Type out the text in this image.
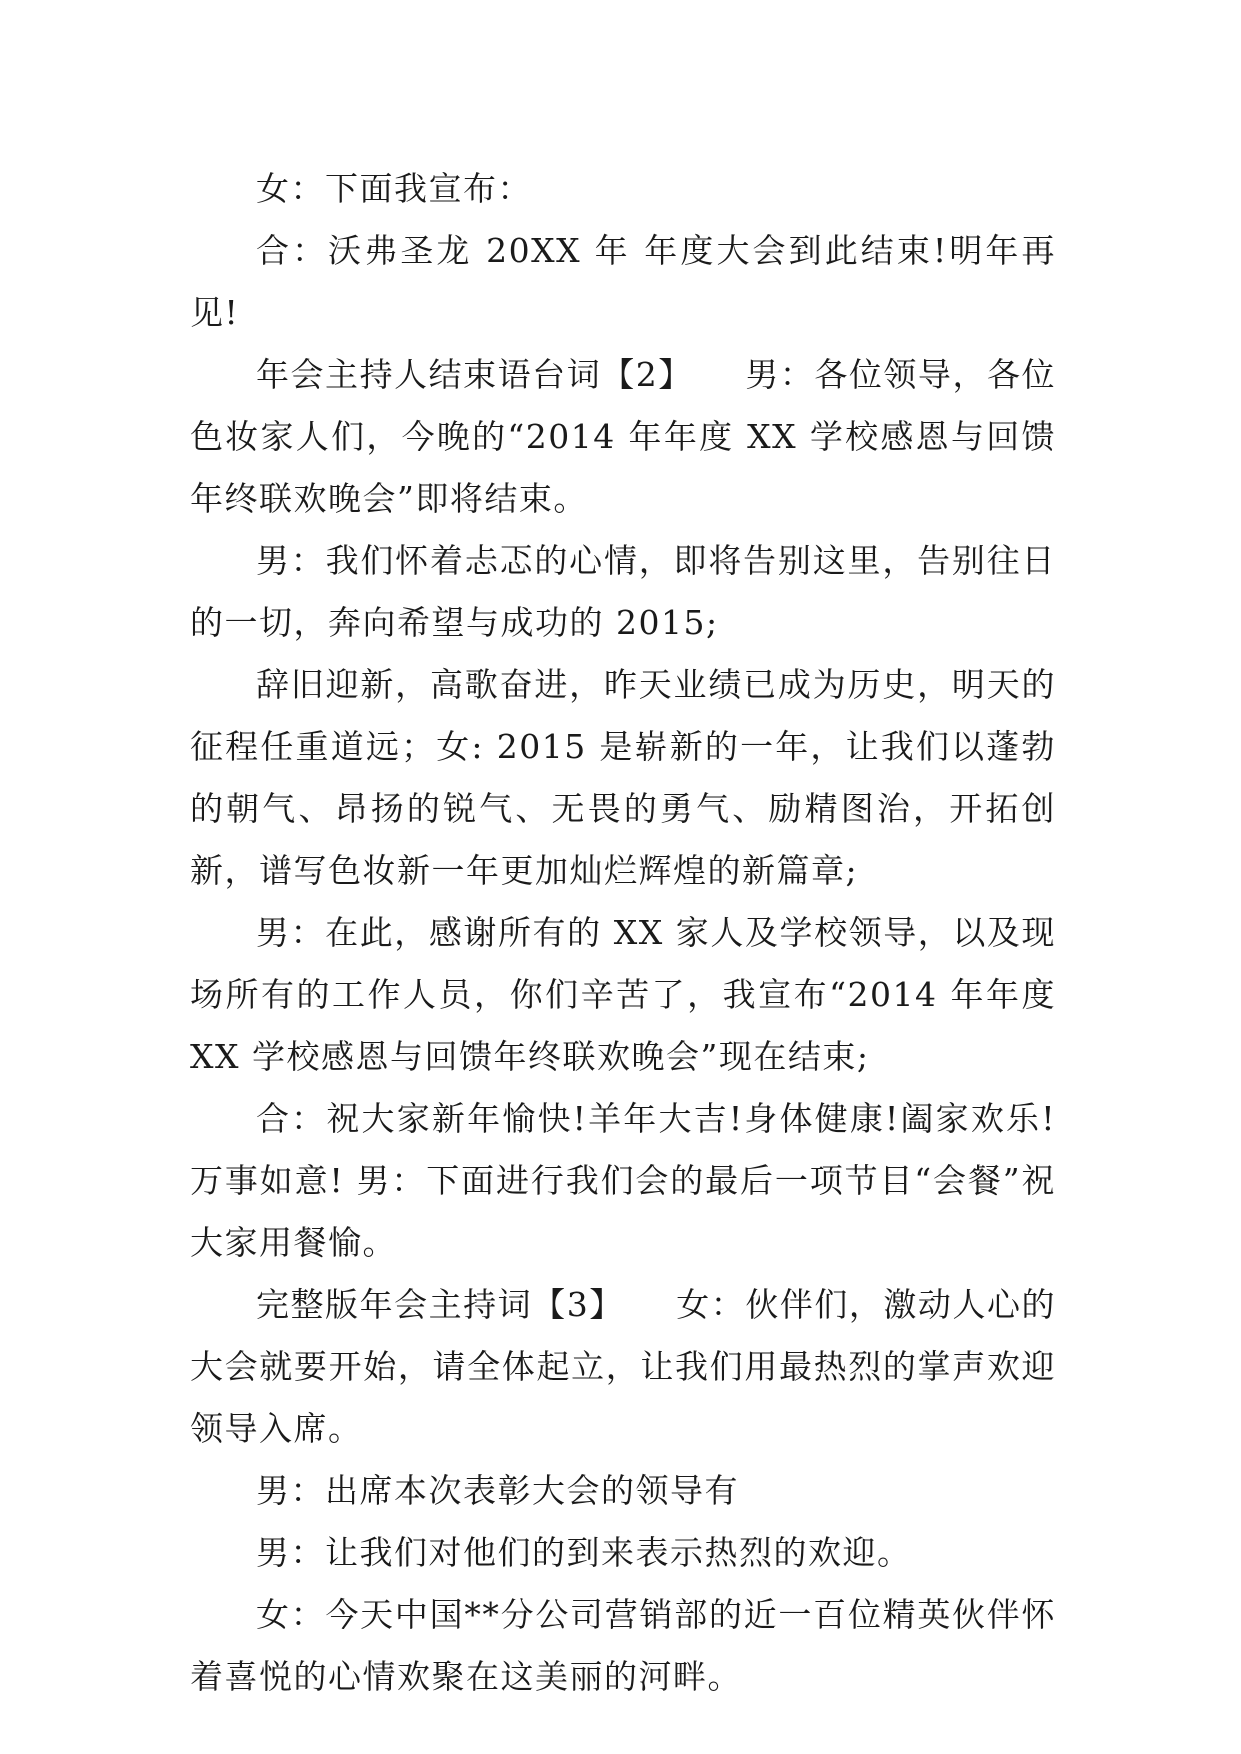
女：下面我宣布：

合：沃弗圣龙 20XX 年 年度大会到此结束!明年再见!

年会主持人结束语台词【2】　　男：各位领导，各位色妆家人们，今晚的“2014 年年度 XX 学校感恩与回馈年终联欢晚会”即将结束。

男：我们怀着忐忑的心情，即将告别这里，告别往日的一切，奔向希望与成功的 2015;

辞旧迎新，高歌奋进，昨天业绩已成为历史，明天的征程任重道远；女: 2015 是崭新的一年，让我们以蓬勃的朝气、昂扬的锐气、无畏的勇气、励精图治，开拓创新，谱写色妆新一年更加灿烂辉煌的新篇章;

男：在此，感谢所有的 XX 家人及学校领导，以及现场所有的工作人员，你们辛苦了，我宣布“2014 年年度 XX 学校感恩与回馈年终联欢晚会”现在结束;

合：祝大家新年愉快!羊年大吉!身体健康!阖家欢乐!万事如意! 男：下面进行我们会的最后一项节目“会餐”祝大家用餐愉。

完整版年会主持词【3】　　女：伙伴们，激动人心的大会就要开始，请全体起立，让我们用最热烈的掌声欢迎领导入席。

男：出席本次表彰大会的领导有

男：让我们对他们的到来表示热烈的欢迎。

女：今天中国**分公司营销部的近一百位精英伙伴怀着喜悦的心情欢聚在这美丽的河畔。
